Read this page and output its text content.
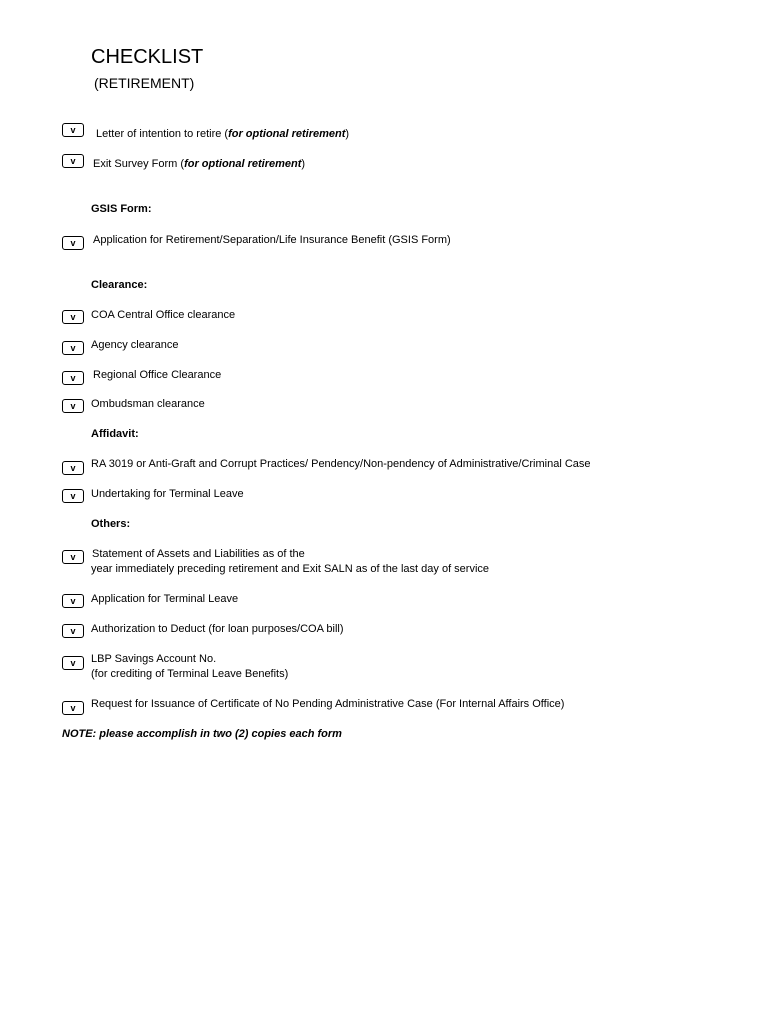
CHECKLIST
(RETIREMENT)
v Letter of intention to retire (for optional retirement)
v Exit Survey Form (for optional retirement)
GSIS Form:
v Application for Retirement/Separation/Life Insurance Benefit (GSIS Form)
Clearance:
v COA Central Office clearance
v Agency clearance
v Regional Office Clearance
v Ombudsman clearance
Affidavit:
v RA 3019 or Anti-Graft and Corrupt Practices/ Pendency/Non-pendency of Administrative/Criminal Case
v Undertaking for Terminal Leave
Others:
v Statement of Assets and Liabilities as of the
year immediately preceding retirement and Exit SALN as of the last day of service
v Application for Terminal Leave
v Authorization to Deduct (for loan purposes/COA bill)
v LBP Savings Account No.
(for crediting of Terminal Leave Benefits)
v Request for Issuance of Certificate of No Pending Administrative Case (For Internal Affairs Office)
NOTE: please accomplish in two (2) copies each form
